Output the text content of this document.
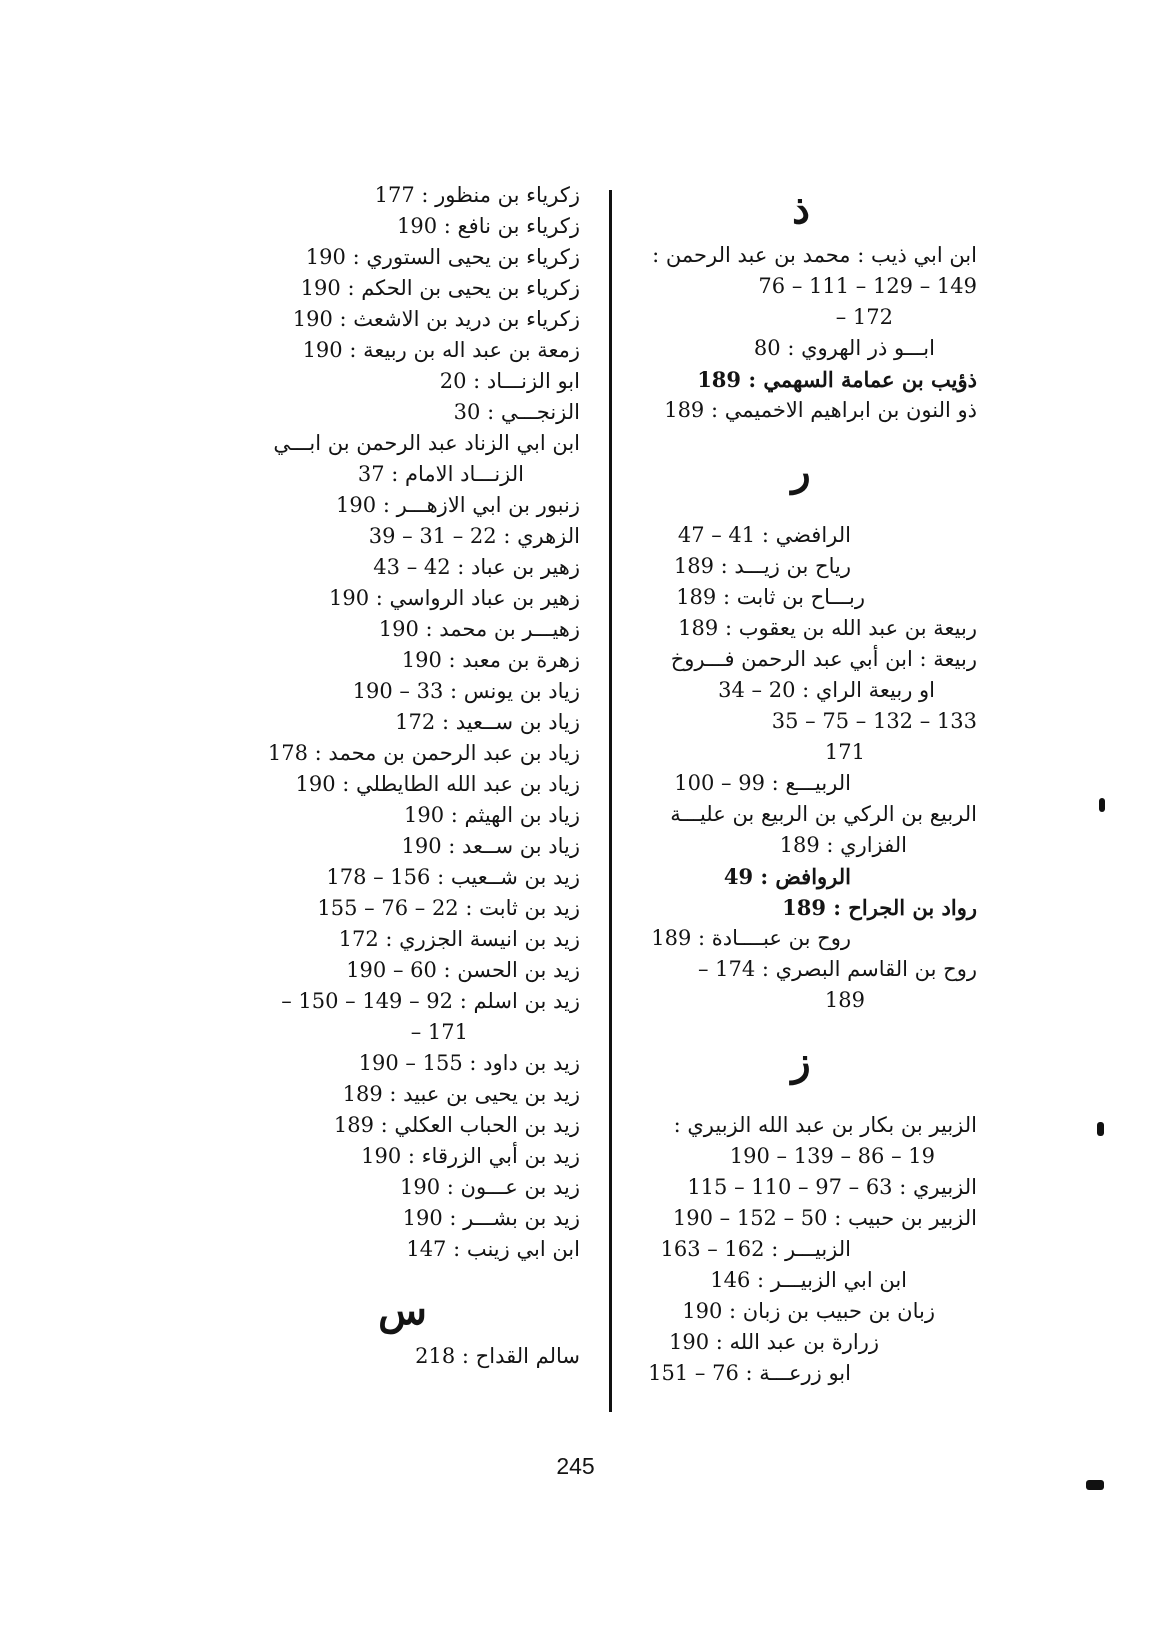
ذ
ابن ابي ذيب : محمد بن عبد الرحمن :
149 – 129 – 111 – 76
172 –
ابـــو ذر الهروي : 80
ذؤيب بن عمامة السهمي : 189
ذو النون بن ابراهيم الاخميمي : 189
ر
الرافضي : 41 – 47
رياح بن زيـــد : 189
ربـــاح بن ثابت : 189
ربيعة بن عبد الله بن يعقوب : 189
ربيعة : ابن أبي عبد الرحمن فـــروخ
او ربيعة الراي : 20 – 34
133 – 132 – 75 – 35
171
الربيـــع : 99 – 100
الربيع بن الركي بن الربيع بن عليـــة
الفزاري : 189
الروافض : 49
رواد بن الجراح : 189
روح بن عبــــادة : 189
روح بن القاسم البصري : 174 –
189
ز
الزبير بن بكار بن عبد الله الزبيري :
19 – 86 – 139 – 190
الزبيري : 63 – 97 – 110 – 115
الزبير بن حبيب : 50 – 152 – 190
الزبيـــر : 162 – 163
ابن ابي الزبيـــر : 146
زبان بن حبيب بن زبان : 190
زرارة بن عبد الله : 190
ابو زرعـــة : 76 – 151
زكرياء بن منظور : 177
زكرياء بن نافع : 190
زكرياء بن يحيى الستوري : 190
زكرياء بن يحيى بن الحكم : 190
زكرياء بن دريد بن الاشعث : 190
زمعة بن عبد اله بن ربيعة : 190
ابو الزنـــاد : 20
الزنجـــي : 30
ابن ابي الزناد عبد الرحمن بن ابـــي
الزنـــاد الامام : 37
زنبور بن ابي الازهـــر : 190
الزهري : 22 – 31 – 39
زهير بن عباد : 42 – 43
زهير بن عباد الرواسي : 190
زهيـــر بن محمد : 190
زهرة بن معبد : 190
زياد بن يونس : 33 – 190
زياد بن ســعيد : 172
زياد بن عبد الرحمن بن محمد : 178
زياد بن عبد الله الطايطلي : 190
زياد بن الهيثم : 190
زياد بن ســعد : 190
زيد بن شــعيب : 156 – 178
زيد بن ثابت : 22 – 76 – 155
زيد بن انيسة الجزري : 172
زيد بن الحسن : 60 – 190
زيد بن اسلم : 92 – 149 – 150 –
171 –
زيد بن داود : 155 – 190
زيد بن يحيى بن عبيد : 189
زيد بن الحباب العكلي : 189
زيد بن أبي الزرقاء : 190
زيد بن عـــون : 190
زيد بن بشـــر : 190
ابن ابي زينب : 147
س
سالم القداح : 218
245
